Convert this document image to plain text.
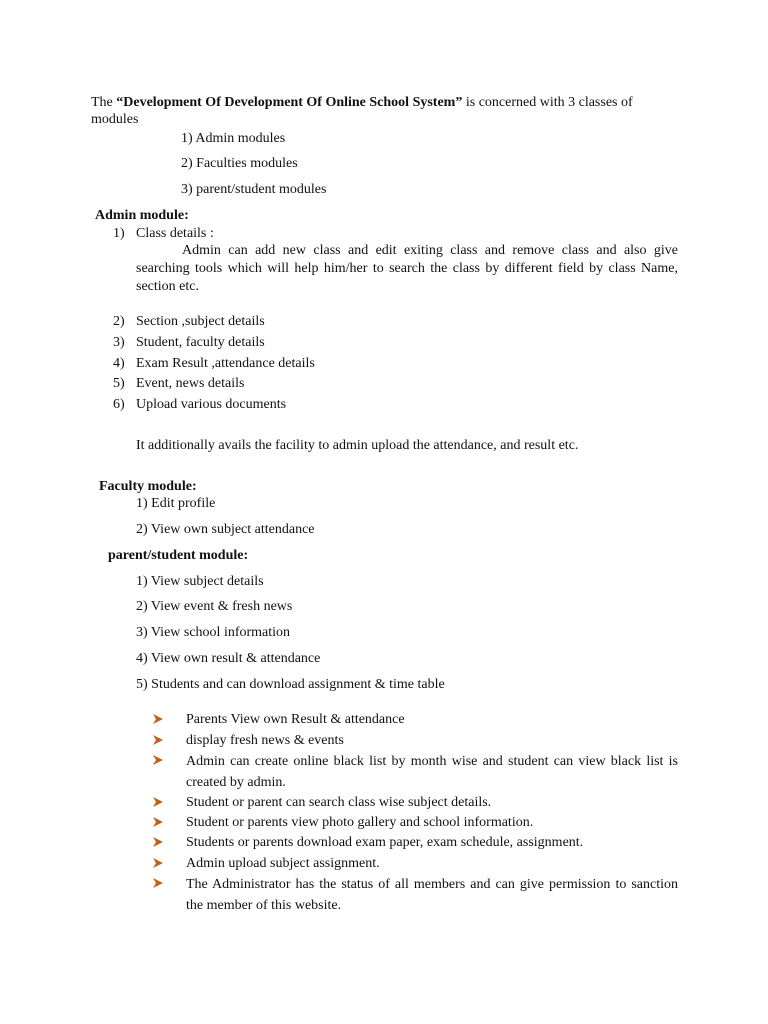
The “Development Of Development Of Online School System” is concerned with 3 classes of
modules
1) Admin modules
2) Faculties modules
3) parent/student modules
Admin module:
1) Class details :
Admin can add new class and edit exiting class and remove class and also give searching tools which will help him/her to search the class by different field by class Name, section etc.
2) Section ,subject details
3) Student, faculty details
4) Exam Result ,attendance details
5) Event, news details
6) Upload various documents
It additionally avails the facility to admin upload the attendance, and result etc.
Faculty module:
1) Edit profile
2) View own subject attendance
parent/student module:
1) View subject details
2) View event & fresh news
3) View school information
4) View own result & attendance
5) Students and can download assignment & time table
Parents View own Result & attendance
display fresh news & events
Admin can create online black list by month wise and student can view black list is created by admin.
Student or parent can search class wise subject details.
Student or parents view photo gallery and school information.
Students or parents download exam paper, exam schedule, assignment.
Admin upload subject assignment.
The Administrator has the status of all members and can give permission to sanction the member of this website.
